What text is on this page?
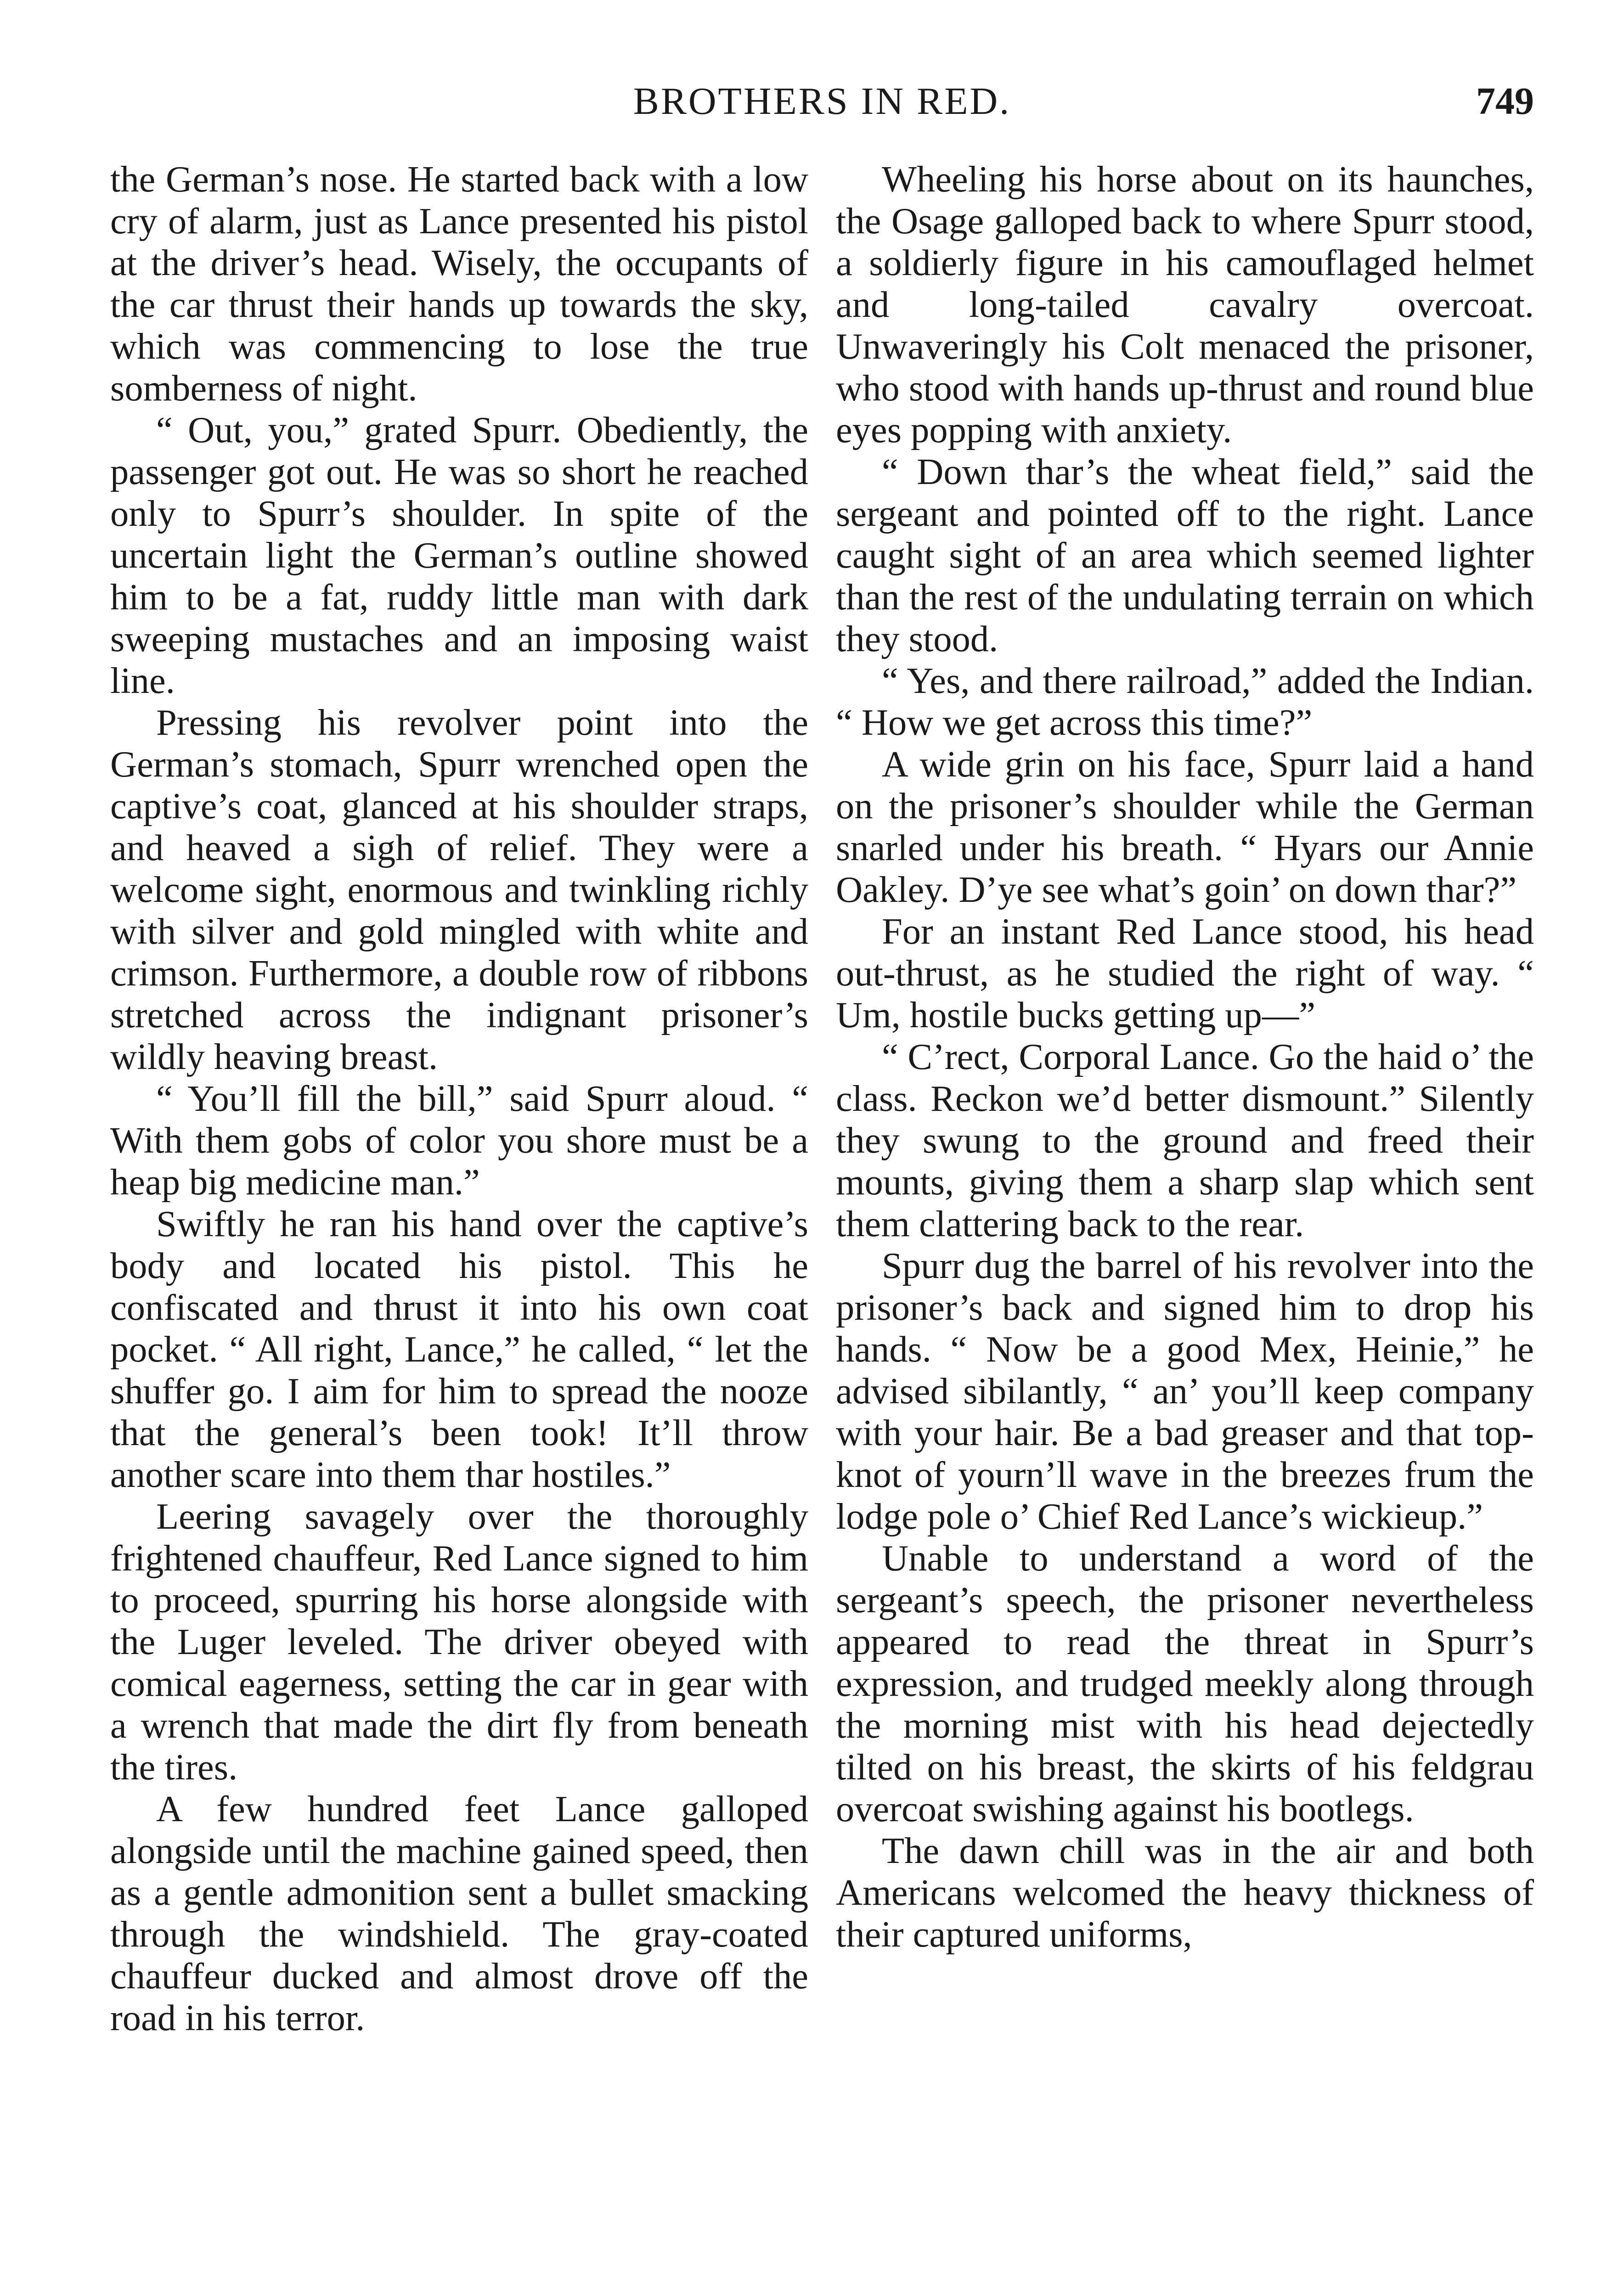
BROTHERS IN RED.	749

the German’s nose. He started back with a low cry of alarm, just as Lance presented his pistol at the driver’s head. Wisely, the occupants of the car thrust their hands up towards the sky, which was commencing to lose the true somberness of night.

“ Out, you,” grated Spurr. Obediently, the passenger got out. He was so short he reached only to Spurr’s shoulder. In spite of the uncertain light the German’s outline showed him to be a fat, ruddy little man with dark sweeping mustaches and an imposing waist line.

Pressing his revolver point into the German’s stomach, Spurr wrenched open the captive’s coat, glanced at his shoulder straps, and heaved a sigh of relief. They were a welcome sight, enormous and twinkling richly with silver and gold mingled with white and crimson. Furthermore, a double row of ribbons stretched across the indignant prisoner’s wildly heaving breast.

“ You’ll fill the bill,” said Spurr aloud. “ With them gobs of color you shore must be a heap big medicine man.”

Swiftly he ran his hand over the captive’s body and located his pistol. This he confiscated and thrust it into his own coat pocket. “ All right, Lance,” he called, “ let the shuffer go. I aim for him to spread the nooze that the general’s been took! It’ll throw another scare into them thar hostiles.”

Leering savagely over the thoroughly frightened chauffeur, Red Lance signed to him to proceed, spurring his horse alongside with the Luger leveled. The driver obeyed with comical eagerness, setting the car in gear with a wrench that made the dirt fly from beneath the tires.

A few hundred feet Lance galloped alongside until the machine gained speed, then as a gentle admonition sent a bullet smacking through the windshield. The gray-coated chauffeur ducked and almost drove off the road in his terror.

Wheeling his horse about on its haunches, the Osage galloped back to where Spurr stood, a soldierly figure in his camouflaged helmet and long-tailed cavalry overcoat. Unwaveringly his Colt menaced the prisoner, who stood with hands up-thrust and round blue eyes popping with anxiety.

“ Down thar’s the wheat field,” said the sergeant and pointed off to the right. Lance caught sight of an area which seemed lighter than the rest of the undulating terrain on which they stood.

“ Yes, and there railroad,” added the Indian. “ How we get across this time?”

A wide grin on his face, Spurr laid a hand on the prisoner’s shoulder while the German snarled under his breath. “ Hyars our Annie Oakley. D’ye see what’s goin’ on down thar?”

For an instant Red Lance stood, his head out-thrust, as he studied the right of way. “ Um, hostile bucks getting up—”

“ C’rect, Corporal Lance. Go the haid o’ the class. Reckon we’d better dismount.” Silently they swung to the ground and freed their mounts, giving them a sharp slap which sent them clattering back to the rear.

Spurr dug the barrel of his revolver into the prisoner’s back and signed him to drop his hands. “ Now be a good Mex, Heinie,” he advised sibilantly, “ an’ you’ll keep company with your hair. Be a bad greaser and that top-knot of yourn’ll wave in the breezes frum the lodge pole o’ Chief Red Lance’s wickieup.”

Unable to understand a word of the sergeant’s speech, the prisoner nevertheless appeared to read the threat in Spurr’s expression, and trudged meekly along through the morning mist with his head dejectedly tilted on his breast, the skirts of his feldgrau overcoat swishing against his bootlegs.

The dawn chill was in the air and both Americans welcomed the heavy thickness of their captured uniforms,
